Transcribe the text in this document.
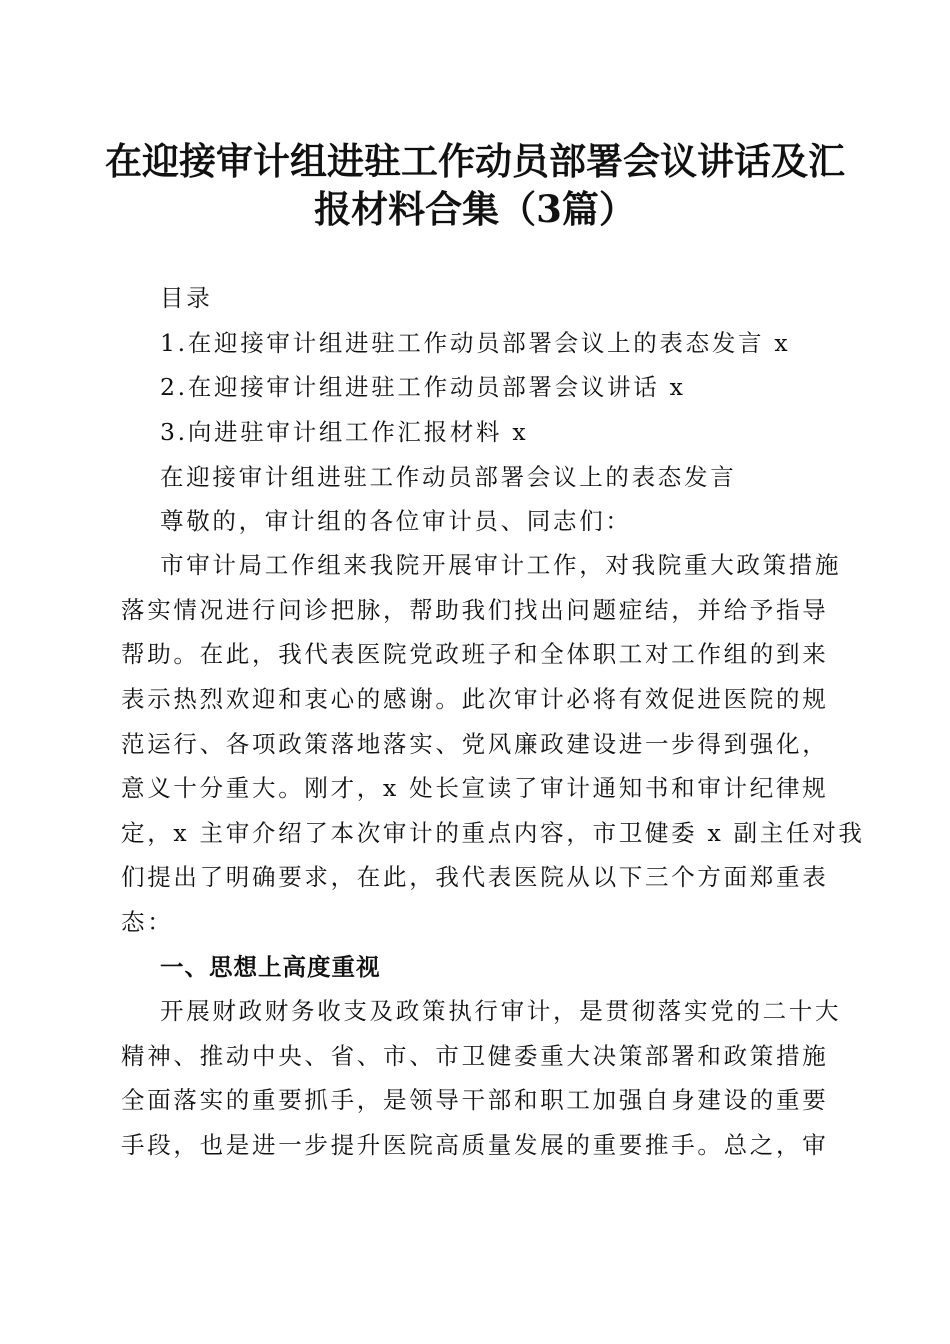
在迎接审计组进驻工作动员部署会议讲话及汇
报材料合集（3篇）
目录
1.在迎接审计组进驻工作动员部署会议上的表态发言 x
2.在迎接审计组进驻工作动员部署会议讲话 x
3.向进驻审计组工作汇报材料 x
在迎接审计组进驻工作动员部署会议上的表态发言
尊敬的，审计组的各位审计员、同志们：
市审计局工作组来我院开展审计工作，对我院重大政策措施
落实情况进行问诊把脉，帮助我们找出问题症结，并给予指导
帮助。在此，我代表医院党政班子和全体职工对工作组的到来
表示热烈欢迎和衷心的感谢。此次审计必将有效促进医院的规
范运行、各项政策落地落实、党风廉政建设进一步得到强化，
意义十分重大。刚才，x 处长宣读了审计通知书和审计纪律规
定，x 主审介绍了本次审计的重点内容，市卫健委 x 副主任对我
们提出了明确要求，在此，我代表医院从以下三个方面郑重表
态：
一、思想上高度重视
开展财政财务收支及政策执行审计，是贯彻落实党的二十大
精神、推动中央、省、市、市卫健委重大决策部署和政策措施
全面落实的重要抓手，是领导干部和职工加强自身建设的重要
手段，也是进一步提升医院高质量发展的重要推手。总之，审
